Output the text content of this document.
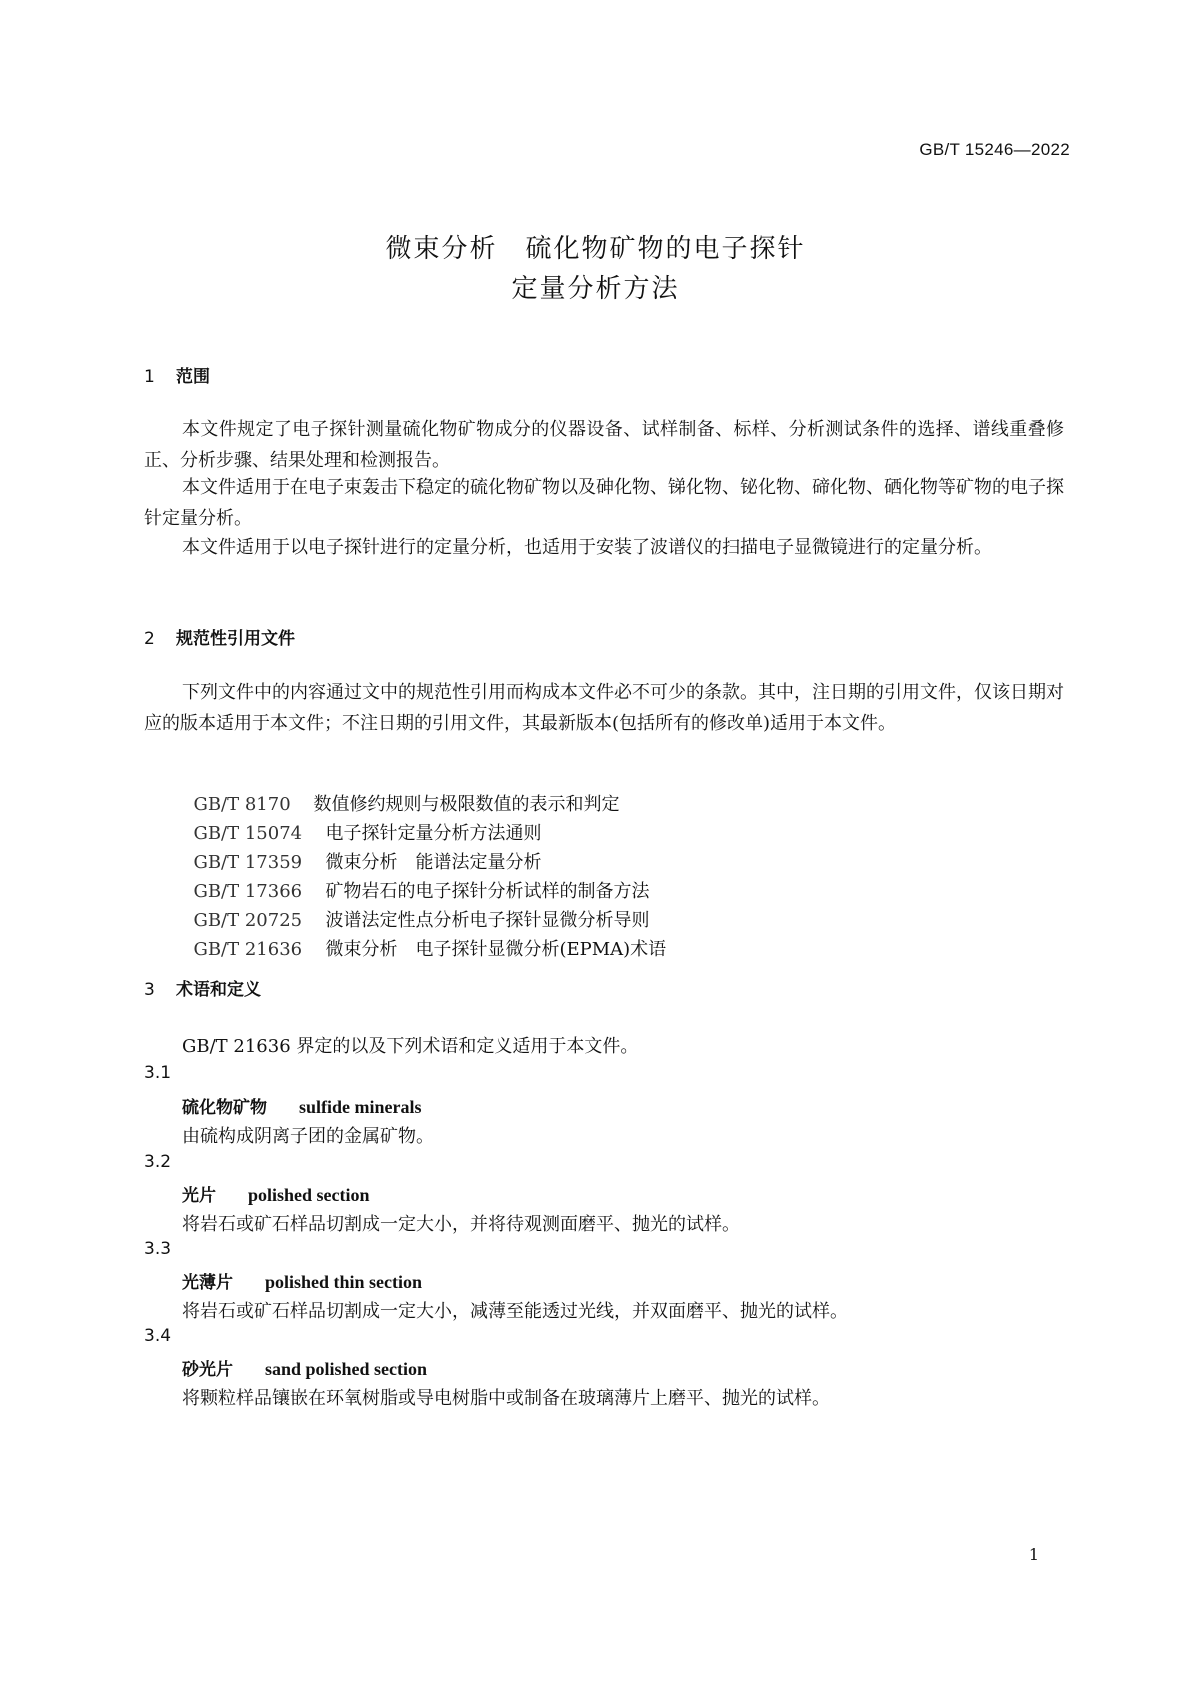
GB/T 15246—2022
微束分析　硫化物矿物的电子探针
定量分析方法
1 范围

本文件规定了电子探针测量硫化物矿物成分的仪器设备、试样制备、标样、分析测试条件的选择、谱线重叠修正、分析步骤、结果处理和检测报告。

本文件适用于在电子束轰击下稳定的硫化物矿物以及砷化物、锑化物、铋化物、碲化物、硒化物等矿物的电子探针定量分析。

本文件适用于以电子探针进行的定量分析，也适用于安装了波谱仪的扫描电子显微镜进行的定量分析。

2 规范性引用文件

下列文件中的内容通过文中的规范性引用而构成本文件必不可少的条款。其中，注日期的引用文件，仅该日期对应的版本适用于本文件；不注日期的引用文件，其最新版本(包括所有的修改单)适用于本文件。

GB/T 8170 数值修约规则与极限数值的表示和判定

GB/T 15074 电子探针定量分析方法通则

GB/T 17359 微束分析　能谱法定量分析

GB/T 17366 矿物岩石的电子探针分析试样的制备方法

GB/T 20725 波谱法定性点分析电子探针显微分析导则

GB/T 21636 微束分析　电子探针显微分析(EPMA)术语

3 术语和定义
GB/T 21636 界定的以及下列术语和定义适用于本文件。
3.1
硫化物矿物 sulfide minerals
由硫构成阴离子团的金属矿物。
3.2
光片 polished section
将岩石或矿石样品切割成一定大小，并将待观测面磨平、抛光的试样。
3.3
光薄片 polished thin section
将岩石或矿石样品切割成一定大小，减薄至能透过光线，并双面磨平、抛光的试样。
3.4
砂光片 sand polished section
将颗粒样品镶嵌在环氧树脂或导电树脂中或制备在玻璃薄片上磨平、抛光的试样。
1
